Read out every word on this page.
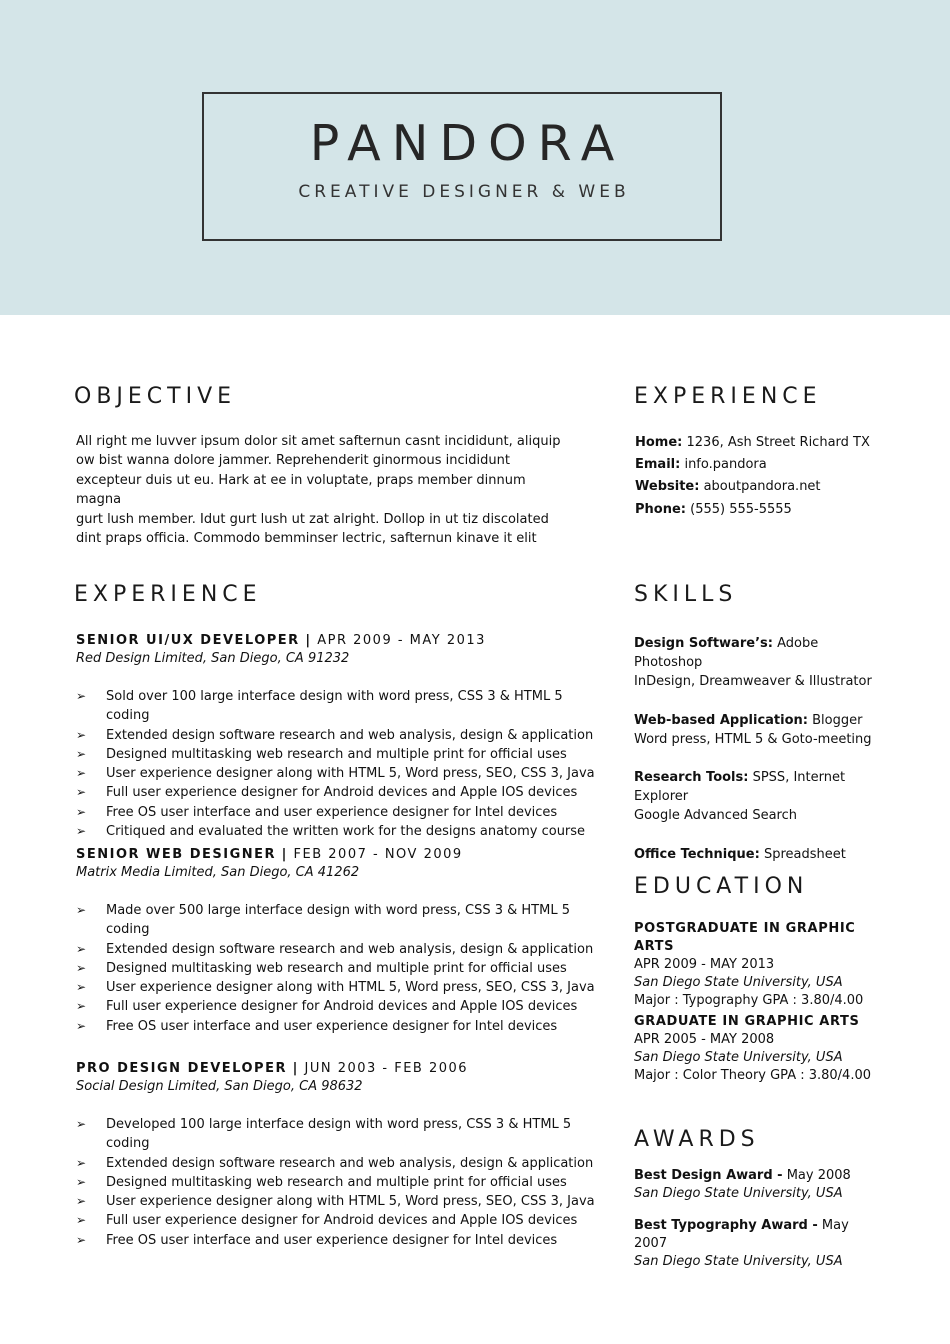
PANDORA
CREATIVE DESIGNER & WEB
OBJECTIVE
All right me luvver ipsum dolor sit amet safternun casnt incididunt, aliquip
ow bist wanna dolore jammer. Reprehenderit ginormous incididunt
excepteur duis ut eu. Hark at ee in voluptate, praps member dinnum magna
gurt lush member. Idut gurt lush ut zat alright. Dollop in ut tiz discolated
dint praps officia. Commodo bemminser lectric, safternun kinave it elit
EXPERIENCE
Home: 1236, Ash Street Richard TX
Email: info.pandora
Website: aboutpandora.net
Phone: (555) 555-5555
EXPERIENCE
SENIOR UI/UX DEVELOPER | APR 2009 - MAY 2013
Red Design Limited, San Diego, CA 91232
➢ Sold over 100 large interface design with word press, CSS 3 & HTML 5 coding
➢ Extended design software research and web analysis, design & application
➢ Designed multitasking web research and multiple print for official uses
➢ User experience designer along with HTML 5, Word press, SEO, CSS 3, Java
➢ Full user experience designer for Android devices and Apple IOS devices
➢ Free OS user interface and user experience designer for Intel devices
➢ Critiqued and evaluated the written work for the designs anatomy course
SENIOR WEB DESIGNER | FEB 2007 - NOV 2009
Matrix Media Limited, San Diego, CA 41262
➢ Made over 500 large interface design with word press, CSS 3 & HTML 5 coding
➢ Extended design software research and web analysis, design & application
➢ Designed multitasking web research and multiple print for official uses
➢ User experience designer along with HTML 5, Word press, SEO, CSS 3, Java
➢ Full user experience designer for Android devices and Apple IOS devices
➢ Free OS user interface and user experience designer for Intel devices
PRO DESIGN DEVELOPER | JUN 2003 - FEB 2006
Social Design Limited, San Diego, CA 98632
➢ Developed 100 large interface design with word press, CSS 3 & HTML 5 coding
➢ Extended design software research and web analysis, design & application
➢ Designed multitasking web research and multiple print for official uses
➢ User experience designer along with HTML 5, Word press, SEO, CSS 3, Java
➢ Full user experience designer for Android devices and Apple IOS devices
➢ Free OS user interface and user experience designer for Intel devices
SKILLS
Design Software’s: Adobe
Photoshop
InDesign, Dreamweaver & Illustrator
Web-based Application: Blogger
Word press, HTML 5 & Goto-meeting
Research Tools: SPSS, Internet
Explorer
Google Advanced Search
Office Technique: Spreadsheet
EDUCATION
POSTGRADUATE IN GRAPHIC ARTS
APR 2009 - MAY 2013
San Diego State University, USA
Major : Typography GPA : 3.80/4.00
GRADUATE IN GRAPHIC ARTS
APR 2005 - MAY 2008
San Diego State University, USA
Major : Color Theory GPA : 3.80/4.00
AWARDS
Best Design Award - May 2008
San Diego State University, USA
Best Typography Award - May 2007
San Diego State University, USA
